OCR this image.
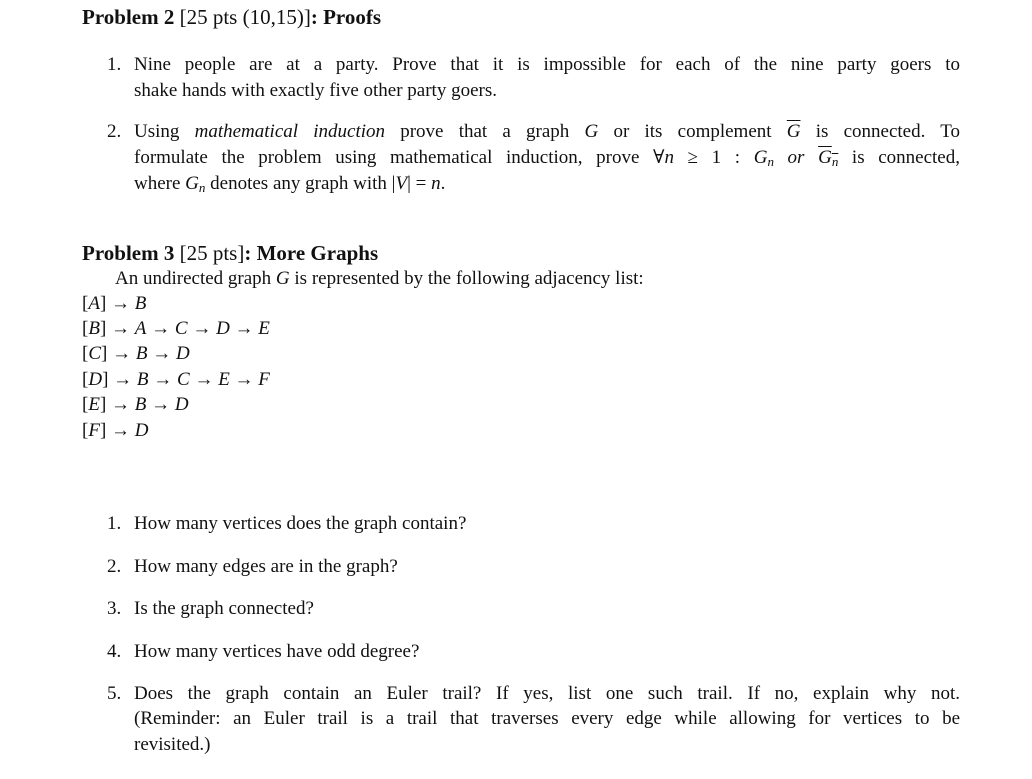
Problem 2 [25 pts (10,15)]: Proofs
1. Nine people are at a party. Prove that it is impossible for each of the nine party goers to
shake hands with exactly five other party goers.
2. Using mathematical induction prove that a graph G or its complement $\overline{G}$ is connected. To
formulate the problem using mathematical induction, prove ∀n ≥ 1 : $G_n$ or $G_n$ is connected,
where $G_n$ denotes any graph with |V| = n.
Problem 3 [25 pts]: More Graphs
An undirected graph G is represented by the following adjacency list:
[A] → B
[B] → A → C → D → E
[C] → B → D
[D] → B → C → E → F
[E] → B → D
[F] → D
1. How many vertices does the graph contain?
2. How many edges are in the graph?
3. Is the graph connected?
4. How many vertices have odd degree?
5. Does the graph contain an Euler trail? If yes, list one such trail. If no, explain why not.
(Reminder: an Euler trail is a trail that traverses every edge while allowing for vertices to be
revisited.)
